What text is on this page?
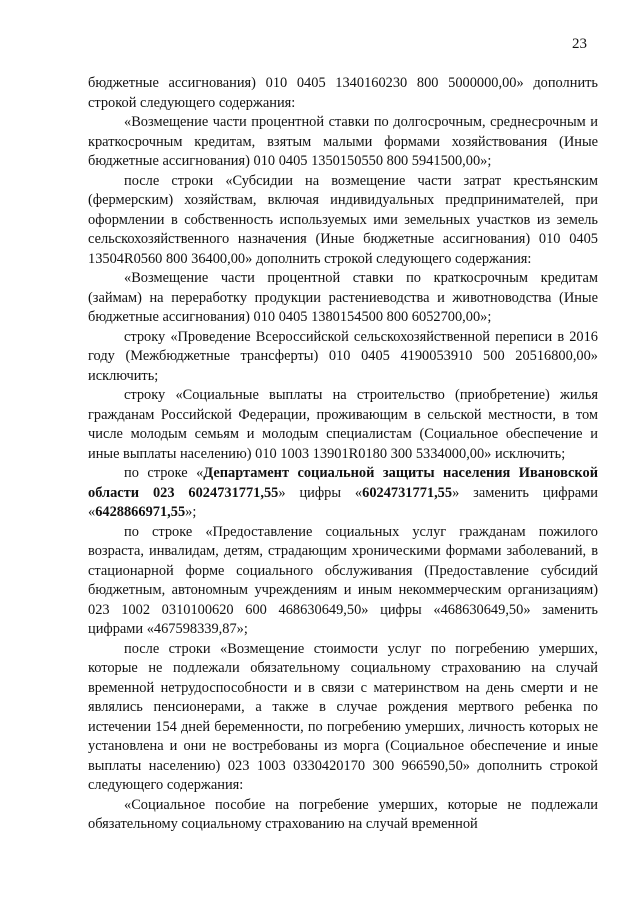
23

бюджетные ассигнования) 010 0405 1340160230 800 5000000,00» дополнить строкой следующего содержания:

«Возмещение части процентной ставки по долгосрочным, среднесрочным и краткосрочным кредитам, взятым малыми формами хозяйствования (Иные бюджетные ассигнования) 010 0405 1350150550 800 5941500,00»;

после строки «Субсидии на возмещение части затрат крестьянским (фермерским) хозяйствам, включая индивидуальных предпринимателей, при оформлении в собственность используемых ими земельных участков из земель сельскохозяйственного назначения (Иные бюджетные ассигнования) 010 0405 13504R0560 800 36400,00» дополнить строкой следующего содержания:

«Возмещение части процентной ставки по краткосрочным кредитам (займам) на переработку продукции растениеводства и животноводства (Иные бюджетные ассигнования) 010 0405 1380154500 800 6052700,00»;

строку «Проведение Всероссийской сельскохозяйственной переписи в 2016 году (Межбюджетные трансферты) 010 0405 4190053910 500 20516800,00» исключить;

строку «Социальные выплаты на строительство (приобретение) жилья гражданам Российской Федерации, проживающим в сельской местности, в том числе молодым семьям и молодым специалистам (Социальное обеспечение и иные выплаты населению) 010 1003 13901R0180 300 5334000,00» исключить;

по строке «Департамент социальной защиты населения Ивановской области 023 6024731771,55» цифры «6024731771,55» заменить цифрами «6428866971,55»;

по строке «Предоставление социальных услуг гражданам пожилого возраста, инвалидам, детям, страдающим хроническими формами заболеваний, в стационарной форме социального обслуживания (Предоставление субсидий бюджетным, автономным учреждениям и иным некоммерческим организациям) 023 1002 0310100620 600 468630649,50» цифры «468630649,50» заменить цифрами «467598339,87»;

после строки «Возмещение стоимости услуг по погребению умерших, которые не подлежали обязательному социальному страхованию на случай временной нетрудоспособности и в связи с материнством на день смерти и не являлись пенсионерами, а также в случае рождения мертвого ребенка по истечении 154 дней беременности, по погребению умерших, личность которых не установлена и они не востребованы из морга (Социальное обеспечение и иные выплаты населению) 023 1003 0330420170 300 966590,50» дополнить строкой следующего содержания:

«Социальное пособие на погребение умерших, которые не подлежали обязательному социальному страхованию на случай временной
